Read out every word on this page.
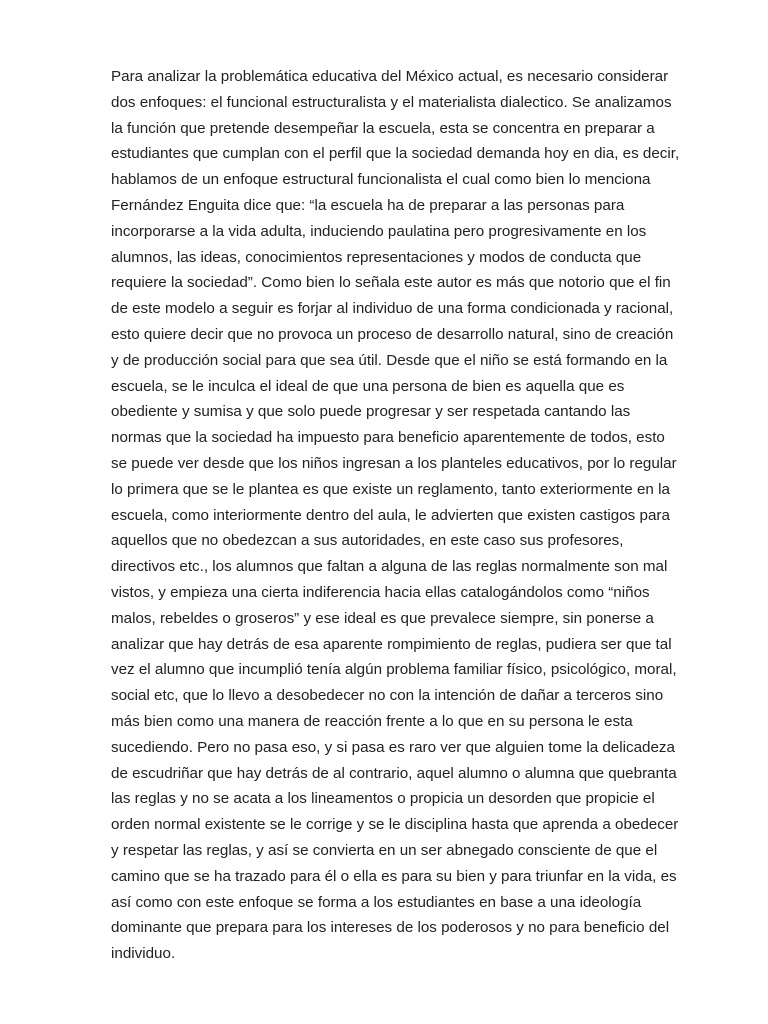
Para analizar la problemática educativa del México actual, es necesario considerar
dos enfoques: el funcional estructuralista y el materialista dialectico. Se analizamos
la función que pretende desempeñar la escuela, esta se concentra en preparar a
estudiantes que cumplan con el perfil que la sociedad demanda hoy en dia, es decir,
hablamos de un enfoque estructural funcionalista el cual como bien lo menciona
Fernández Enguita dice que: “la escuela ha de preparar a las personas para
incorporarse a la vida adulta, induciendo paulatina pero progresivamente en los
alumnos, las ideas, conocimientos representaciones y modos de conducta que
requiere la sociedad”. Como bien lo señala este autor es más que notorio que el fin
de este modelo a seguir es forjar al individuo de una forma condicionada y racional,
esto quiere decir que no provoca un proceso de desarrollo natural, sino de creación
y de producción social para que sea útil. Desde que el niño se está formando en la
escuela, se le inculca el ideal de que una persona de bien es aquella que es
obediente y sumisa y que solo puede progresar y ser respetada cantando las
normas que la sociedad ha impuesto para beneficio aparentemente de todos, esto
se puede ver desde que los niños ingresan a los planteles educativos, por lo regular
lo primera que se le plantea es que existe un reglamento, tanto exteriormente en la
escuela, como interiormente dentro del aula, le advierten que existen castigos para
aquellos que no obedezcan a sus autoridades, en este caso sus profesores,
directivos etc., los alumnos que faltan a alguna de las reglas normalmente son mal
vistos, y empieza una cierta indiferencia hacia ellas catalogándolos como “niños
malos, rebeldes o groseros” y ese ideal es que prevalece siempre, sin ponerse a
analizar que hay detrás de esa aparente rompimiento de reglas, pudiera ser que tal
vez el alumno que incumplió tenía algún problema familiar físico, psicológico, moral,
social etc, que lo llevo a desobedecer no con la intención de dañar a terceros sino
más bien como una manera de reacción frente a lo que en su persona le esta
sucediendo. Pero no pasa eso, y si pasa es raro ver que alguien tome la delicadeza
de escudriñar que hay detrás de al contrario, aquel alumno o alumna que quebranta
las reglas y no se acata a los lineamentos o propicia un desorden que propicie el
orden normal existente se le corrige y se le disciplina hasta que aprenda a obedecer
y respetar las reglas, y así se convierta en un ser abnegado consciente de que el
camino que se ha trazado para él o ella es para su bien y para triunfar en la vida, es
así como con este enfoque se forma a los estudiantes en base a una ideología
dominante que prepara para los intereses de los poderosos y no para beneficio del
individuo.
